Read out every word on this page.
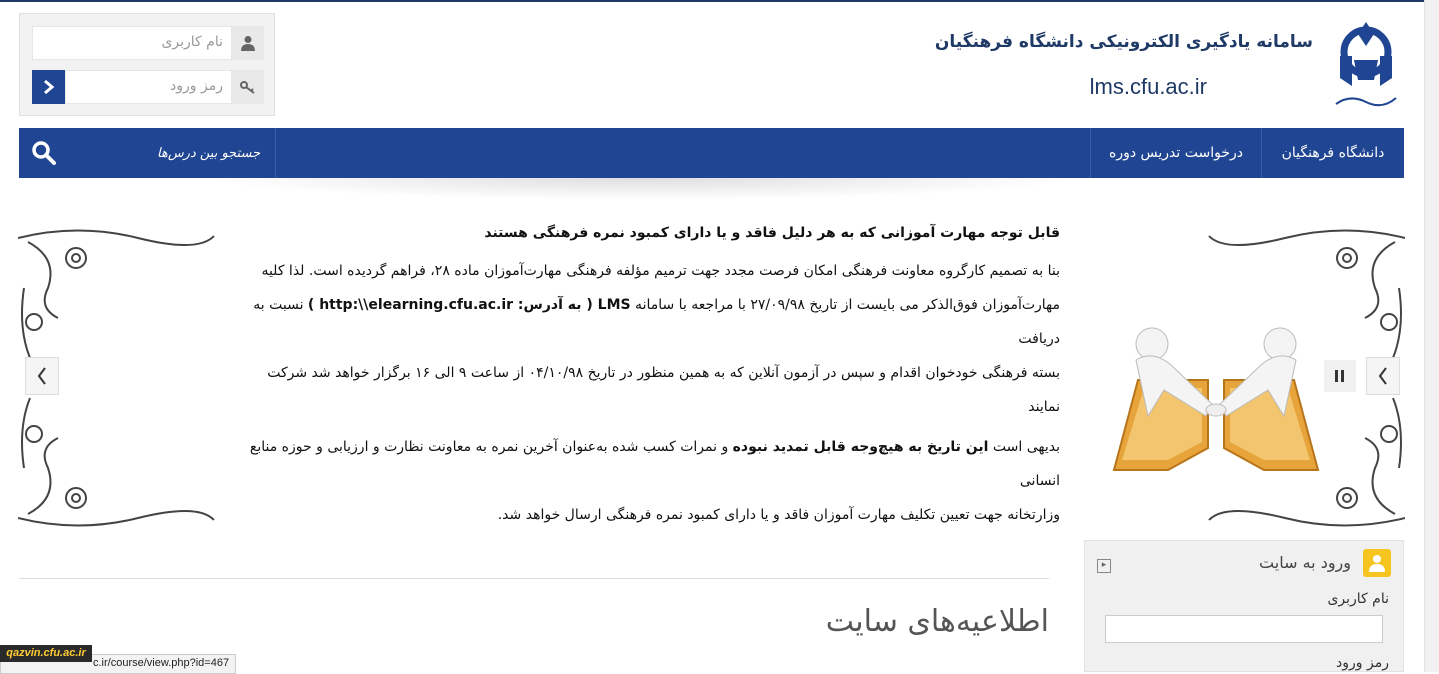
سامانه یادگیری الکترونیکی دانشگاه فرهنگیان
lms.cfu.ac.ir
نام کاربری
رمز ورود
دانشگاه فرهنگیان
درخواست تدریس دوره
جستجو بین درس‌ها

قابل توجه مهارت آموزانی که به هر دلیل فاقد و یا دارای کمبود نمره فرهنگی هستند

بنا به تصمیم کارگروه معاونت فرهنگی امکان فرصت مجدد جهت ترمیم مؤلفه فرهنگی مهارت‌آموزان ماده ۲۸، فراهم گردیده است. لذا کلیه

مهارت‌آموزان فوق‌الذکر می بایست از تاریخ ۲۷/۰۹/۹۸ با مراجعه با سامانه LMS ( به آدرس: http:\\elearning.cfu.ac.ir ) نسبت به دریافت

بسته فرهنگی خودخوان اقدام و سپس در آزمون آنلاین که به همین منظور در تاریخ ۰۴/۱۰/۹۸ از ساعت ۹ الی ۱۶ برگزار خواهد شد شرکت

نمایند

بدیهی است این تاریخ به هیچ‌وجه قابل تمدید نبوده و نمرات کسب شده به‌عنوان آخرین نمره به معاونت نظارت و ارزیابی و حوزه منابع انسانی

وزارتخانه جهت تعیین تکلیف مهارت آموزان فاقد و یا دارای کمبود نمره فرهنگی ارسال خواهد شد.

اطلاعیه‌های سایت
ورود به سایت
▸
نام کاربری
رمز ورود
c.ir/course/view.php?id=467
qazvin.cfu.ac.ir
